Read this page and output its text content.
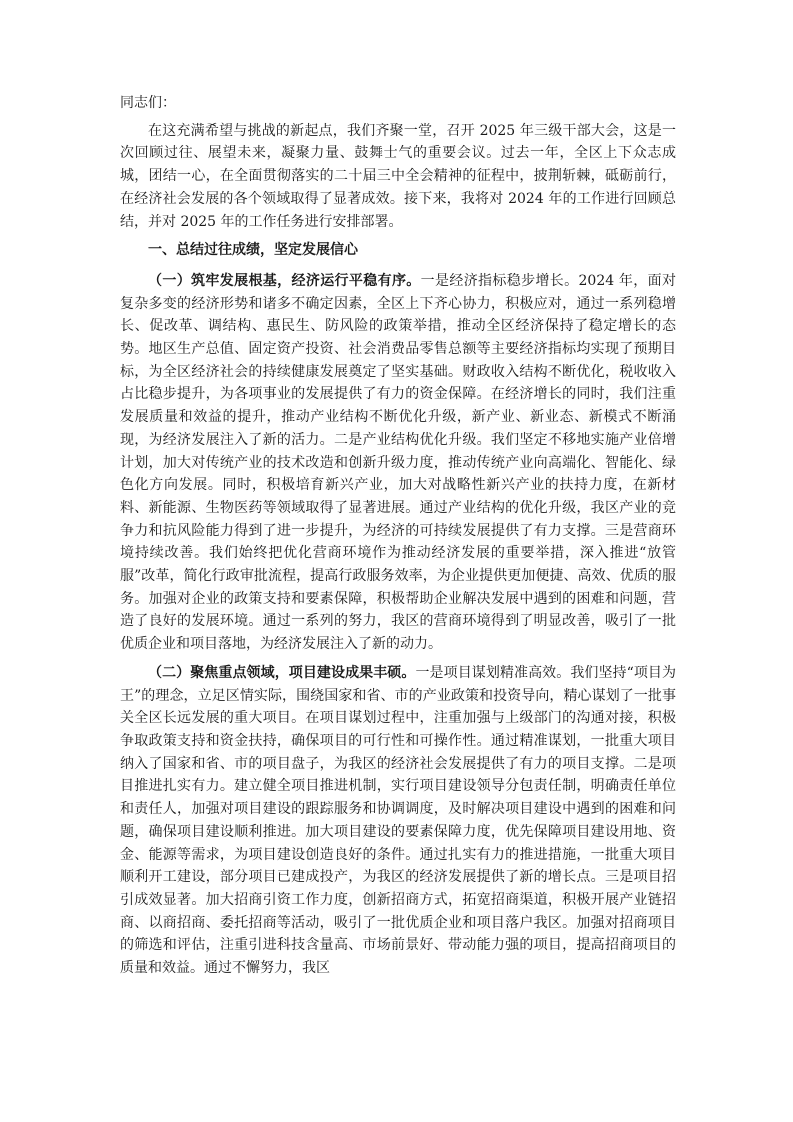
同志们：

在这充满希望与挑战的新起点，我们齐聚一堂，召开 2025 年三级干部大会，这是一次回顾过往、展望未来，凝聚力量、鼓舞士气的重要会议。过去一年，全区上下众志成城，团结一心，在全面贯彻落实的二十届三中全会精神的征程中，披荆斩棘，砥砺前行，在经济社会发展的各个领域取得了显著成效。接下来，我将对 2024 年的工作进行回顾总结，并对 2025 年的工作任务进行安排部署。

一、总结过往成绩，坚定发展信心

（一）筑牢发展根基，经济运行平稳有序。一是经济指标稳步增长。2024 年，面对复杂多变的经济形势和诸多不确定因素，全区上下齐心协力，积极应对，通过一系列稳增长、促改革、调结构、惠民生、防风险的政策举措，推动全区经济保持了稳定增长的态势。地区生产总值、固定资产投资、社会消费品零售总额等主要经济指标均实现了预期目标，为全区经济社会的持续健康发展奠定了坚实基础。财政收入结构不断优化，税收收入占比稳步提升，为各项事业的发展提供了有力的资金保障。在经济增长的同时，我们注重发展质量和效益的提升，推动产业结构不断优化升级，新产业、新业态、新模式不断涌现，为经济发展注入了新的活力。二是产业结构优化升级。我们坚定不移地实施产业倍增计划，加大对传统产业的技术改造和创新升级力度，推动传统产业向高端化、智能化、绿色化方向发展。同时，积极培育新兴产业，加大对战略性新兴产业的扶持力度，在新材料、新能源、生物医药等领域取得了显著进展。通过产业结构的优化升级，我区产业的竞争力和抗风险能力得到了进一步提升，为经济的可持续发展提供了有力支撑。三是营商环境持续改善。我们始终把优化营商环境作为推动经济发展的重要举措，深入推进“放管服”改革，简化行政审批流程，提高行政服务效率，为企业提供更加便捷、高效、优质的服务。加强对企业的政策支持和要素保障，积极帮助企业解决发展中遇到的困难和问题，营造了良好的发展环境。通过一系列的努力，我区的营商环境得到了明显改善，吸引了一批优质企业和项目落地，为经济发展注入了新的动力。

（二）聚焦重点领域，项目建设成果丰硕。一是项目谋划精准高效。我们坚持“项目为王”的理念，立足区情实际，围绕国家和省、市的产业政策和投资导向，精心谋划了一批事关全区长远发展的重大项目。在项目谋划过程中，注重加强与上级部门的沟通对接，积极争取政策支持和资金扶持，确保项目的可行性和可操作性。通过精准谋划，一批重大项目纳入了国家和省、市的项目盘子，为我区的经济社会发展提供了有力的项目支撑。二是项目推进扎实有力。建立健全项目推进机制，实行项目建设领导分包责任制，明确责任单位和责任人，加强对项目建设的跟踪服务和协调调度，及时解决项目建设中遇到的困难和问题，确保项目建设顺利推进。加大项目建设的要素保障力度，优先保障项目建设用地、资金、能源等需求，为项目建设创造良好的条件。通过扎实有力的推进措施，一批重大项目顺利开工建设，部分项目已建成投产，为我区的经济发展提供了新的增长点。三是项目招引成效显著。加大招商引资工作力度，创新招商方式，拓宽招商渠道，积极开展产业链招商、以商招商、委托招商等活动，吸引了一批优质企业和项目落户我区。加强对招商项目的筛选和评估，注重引进科技含量高、市场前景好、带动能力强的项目，提高招商项目的质量和效益。通过不懈努力，我区
